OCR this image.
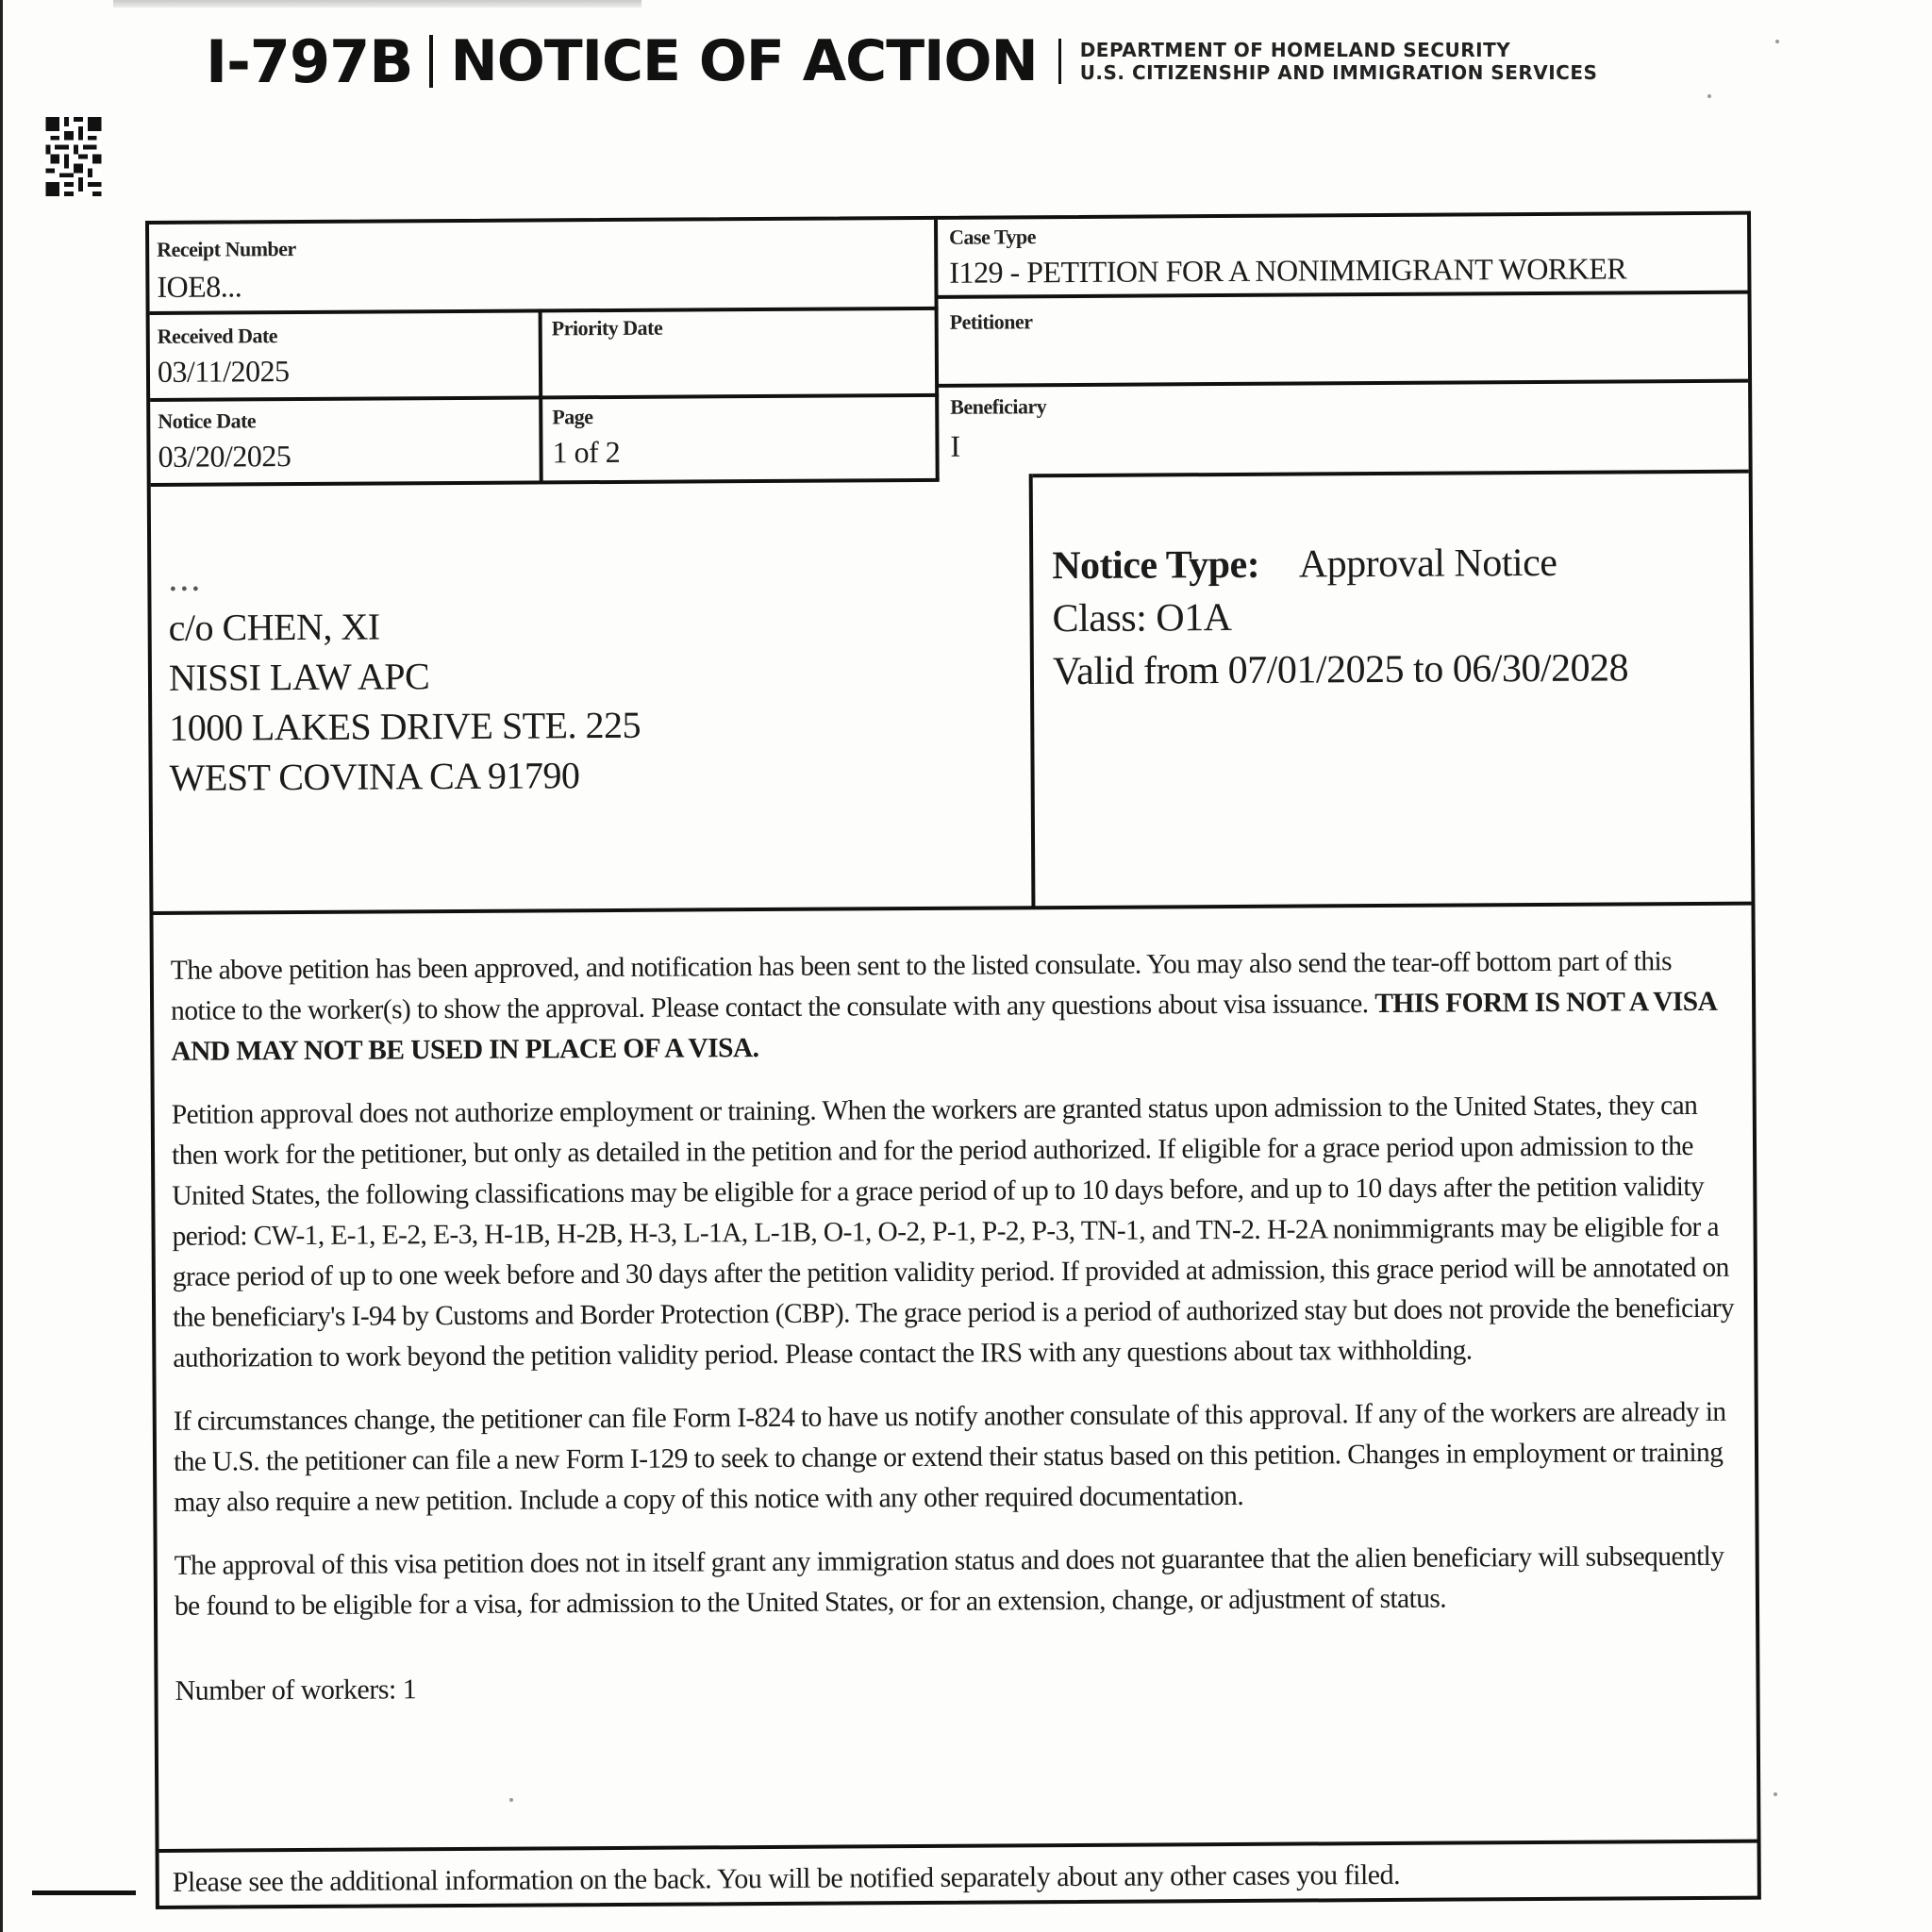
I-797B NOTICE OF ACTION DEPARTMENT OF HOMELAND SECURITY
U.S. CITIZENSHIP AND IMMIGRATION SERVICES
Receipt Number
IOE8...
Case Type
I129 - PETITION FOR A NONIMMIGRANT WORKER
Received Date
03/11/2025
Priority Date	Petitioner
Notice Date
03/20/2025
Page
1 of 2
Beneficiary
I
...
c/o CHEN, XI
NISSI LAW APC
1000 LAKES DRIVE STE. 225
WEST COVINA CA 91790
Notice Type: Approval Notice
Class: O1A
Valid from 07/01/2025 to 06/30/2028

The above petition has been approved, and notification has been sent to the listed consulate. You may also send the tear-off bottom part of this notice to the worker(s) to show the approval. Please contact the consulate with any questions about visa issuance. THIS FORM IS NOT A VISA AND MAY NOT BE USED IN PLACE OF A VISA.

Petition approval does not authorize employment or training. When the workers are granted status upon admission to the United States, they can then work for the petitioner, but only as detailed in the petition and for the period authorized. If eligible for a grace period upon admission to the United States, the following classifications may be eligible for a grace period of up to 10 days before, and up to 10 days after the petition validity period: CW-1, E-1, E-2, E-3, H-1B, H-2B, H-3, L-1A, L-1B, O-1, O-2, P-1, P-2, P-3, TN-1, and TN-2. H-2A nonimmigrants may be eligible for a grace period of up to one week before and 30 days after the petition validity period. If provided at admission, this grace period will be annotated on the beneficiary's I-94 by Customs and Border Protection (CBP). The grace period is a period of authorized stay but does not provide the beneficiary authorization to work beyond the petition validity period. Please contact the IRS with any questions about tax withholding.

If circumstances change, the petitioner can file Form I-824 to have us notify another consulate of this approval. If any of the workers are already in the U.S. the petitioner can file a new Form I-129 to seek to change or extend their status based on this petition. Changes in employment or training may also require a new petition. Include a copy of this notice with any other required documentation.

The approval of this visa petition does not in itself grant any immigration status and does not guarantee that the alien beneficiary will subsequently be found to be eligible for a visa, for admission to the United States, or for an extension, change, or adjustment of status.

Number of workers: 1
Please see the additional information on the back. You will be notified separately about any other cases you filed.
